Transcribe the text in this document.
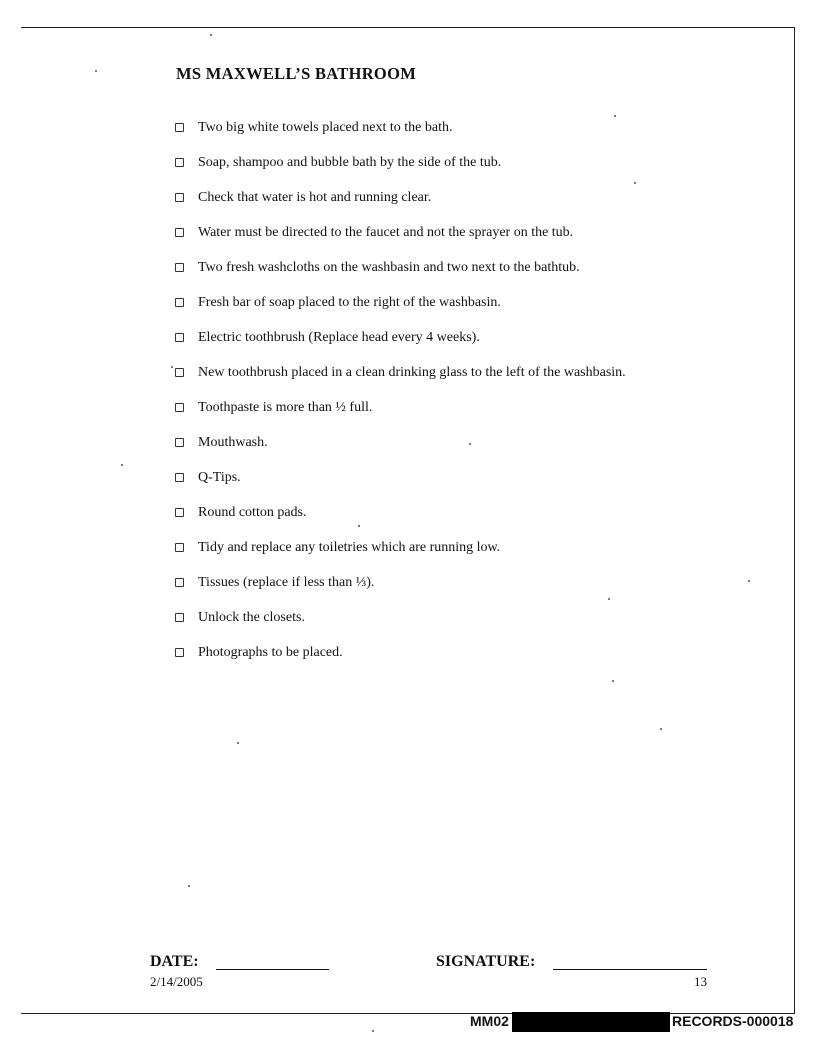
MS MAXWELL’S BATHROOM
Two big white towels placed next to the bath.
Soap, shampoo and bubble bath by the side of the tub.
Check that water is hot and running clear.
Water must be directed to the faucet and not the sprayer on the tub.
Two fresh washcloths on the washbasin and two next to the bathtub.
Fresh bar of soap placed to the right of the washbasin.
Electric toothbrush (Replace head every 4 weeks).
New toothbrush placed in a clean drinking glass to the left of the washbasin.
Toothpaste is more than ½ full.
Mouthwash.
Q-Tips.
Round cotton pads.
Tidy and replace any toiletries which are running low.
Tissues (replace if less than ⅓).
Unlock the closets.
Photographs to be placed.
DATE:	SIGNATURE:
2/14/2005	13
MM02	RECORDS-000018
